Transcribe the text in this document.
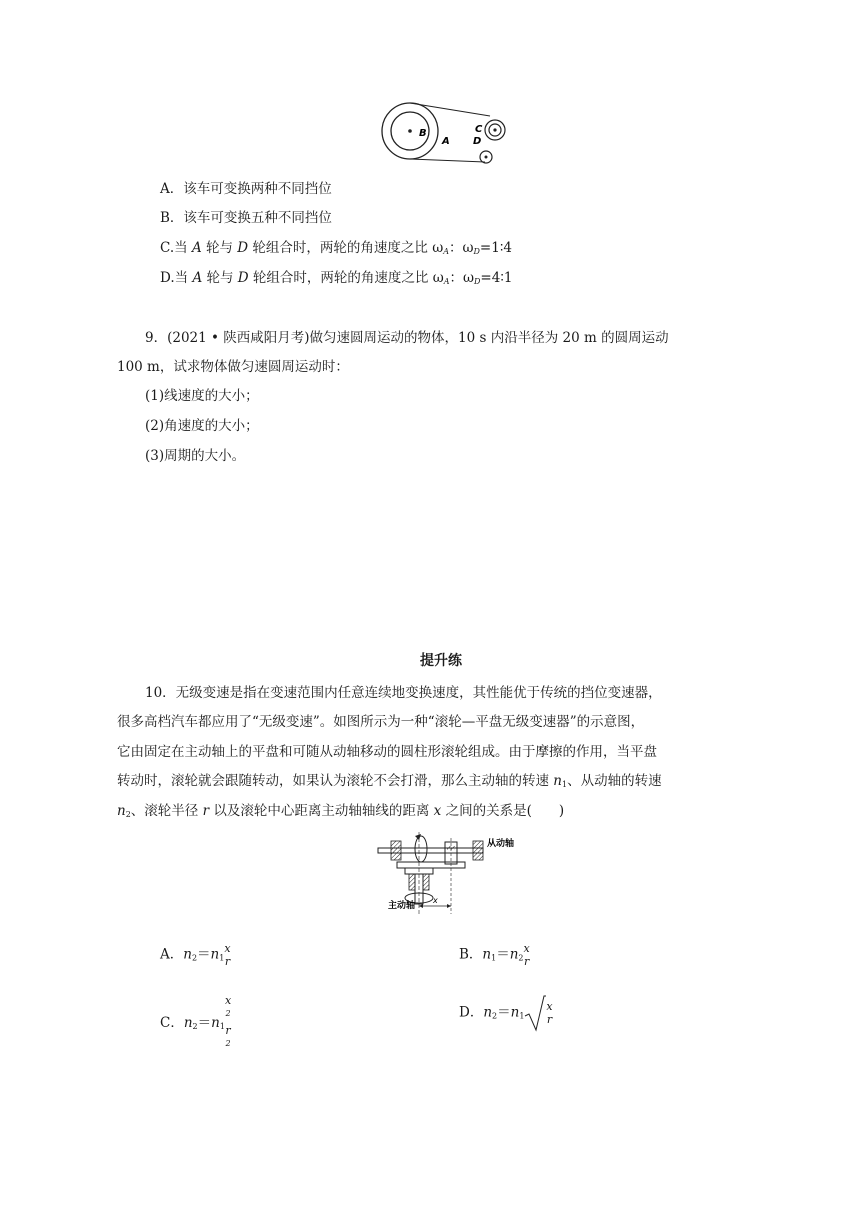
B
A
C
D
A．该车可变换两种不同挡位
B．该车可变换五种不同挡位
C.当 A 轮与 D 轮组合时，两轮的角速度之比 $\omega_A$：$\omega_D=1∶4$
D.当 A 轮与 D 轮组合时，两轮的角速度之比 $\omega_A$：$\omega_D=4∶1$
9．(2021 • 陕西咸阳月考)做匀速圆周运动的物体，10 s 内沿半径为 20 m 的圆周运动
100 m，试求物体做匀速圆周运动时：
(1)线速度的大小；
(2)角速度的大小；
(3)周期的大小。
提升练
10．无级变速是指在变速范围内任意连续地变换速度，其性能优于传统的挡位变速器，
很多高档汽车都应用了“无级变速”。如图所示为一种“滚轮—平盘无级变速器”的示意图，
它由固定在主动轴上的平盘和可随从动轴移动的圆柱形滚轮组成。由于摩擦的作用，当平盘
转动时，滚轮就会跟随转动，如果认为滚轮不会打滑，那么主动轴的转速 $n_1$、从动轴的转速
$n_2$、滚轮半径 r 以及滚轮中心距离主动轴轴线的距离 x 之间的关系是(　　)
x
从动轴
主动轴
A．$n_2=n_1$
x
r	B．$n_1=n_2$
x
r
C．$n_2=n_1$
x
$^2$
r
$^2$
D．$n_2=n_1$
x
r
